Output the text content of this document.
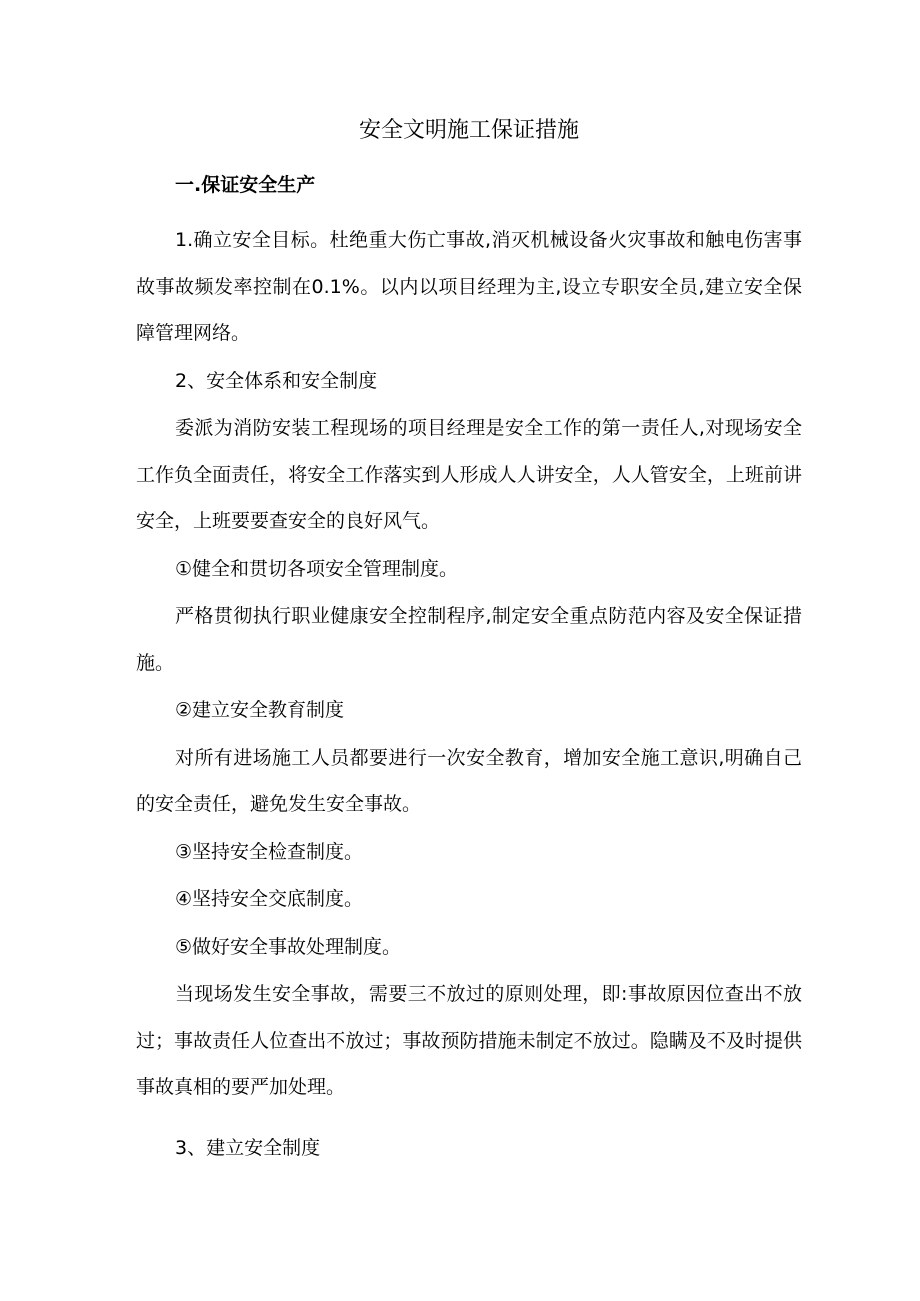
安全文明施工保证措施
一.保证安全生产

1.确立安全目标。杜绝重大伤亡事故,消灭机械设备火灾事故和触电伤害事故事故频发率控制在0.1%。以内以项目经理为主,设立专职安全员,建立安全保障管理网络。

2、安全体系和安全制度

委派为消防安装工程现场的项目经理是安全工作的第一责任人,对现场安全工作负全面责任，将安全工作落实到人形成人人讲安全，人人管安全，上班前讲安全，上班要要查安全的良好风气。

①健全和贯切各项安全管理制度。

严格贯彻执行职业健康安全控制程序,制定安全重点防范内容及安全保证措施。

②建立安全教育制度

对所有进场施工人员都要进行一次安全教育，增加安全施工意识,明确自己的安全责任，避免发生安全事故。

③坚持安全检查制度。

④坚持安全交底制度。

⑤做好安全事故处理制度。

当现场发生安全事故，需要三不放过的原则处理，即:事故原因位查出不放过；事故责任人位查出不放过；事故预防措施未制定不放过。隐瞒及不及时提供事故真相的要严加处理。

3、建立安全制度
